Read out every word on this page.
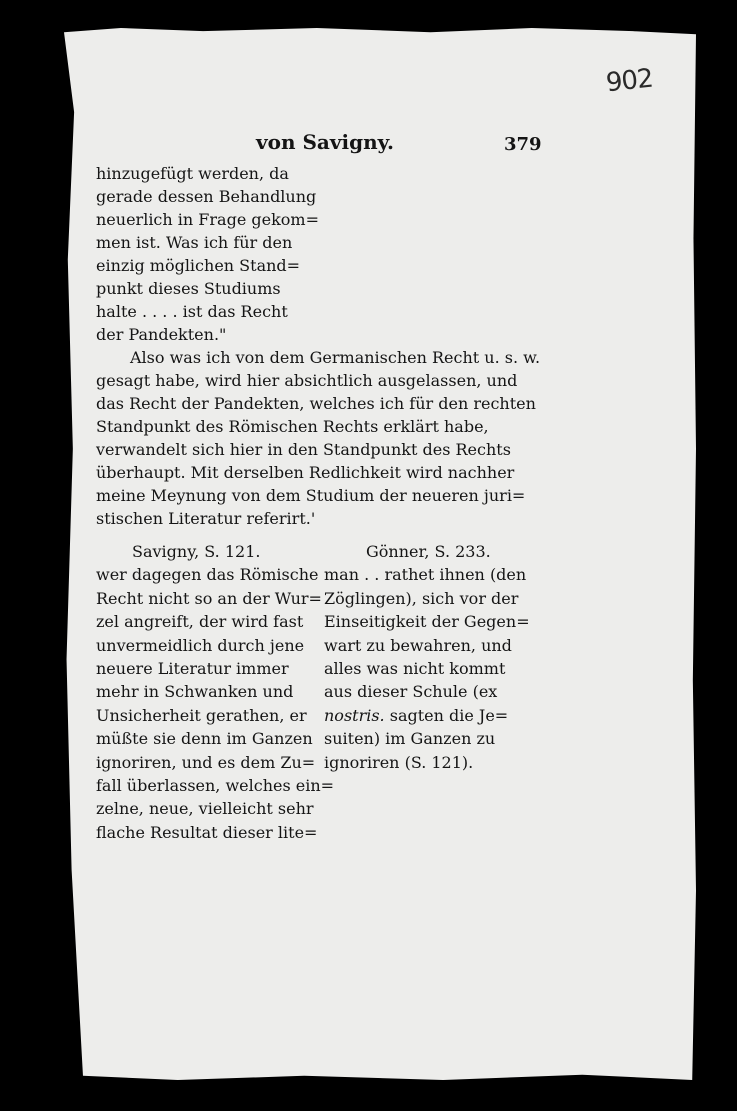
902
von Savigny.	379
hinzugefügt werden, da
gerade dessen Behandlung
neuerlich in Frage gekom=
men ist. Was ich für den
einzig möglichen Stand=
punkt dieses Studiums
halte . . . . ist das Recht
der Pandekten."
Also was ich von dem Germanischen Recht u. s. w.
gesagt habe, wird hier absichtlich ausgelassen, und
das Recht der Pandekten, welches ich für den rechten
Standpunkt des Römischen Rechts erklärt habe,
verwandelt sich hier in den Standpunkt des Rechts
überhaupt. Mit derselben Redlichkeit wird nachher
meine Meynung von dem Studium der neueren juri=
stischen Literatur referirt.'
Savigny, S. 121.
wer dagegen das Römische
Recht nicht so an der Wur=
zel angreift, der wird fast
unvermeidlich durch jene
neuere Literatur immer
mehr in Schwanken und
Unsicherheit gerathen, er
müßte sie denn im Ganzen
ignoriren, und es dem Zu=
fall überlassen, welches ein=
zelne, neue, vielleicht sehr
flache Resultat dieser lite=
Gönner, S. 233.
man . . rathet ihnen (den
Zöglingen), sich vor der
Einseitigkeit der Gegen=
wart zu bewahren, und
alles was nicht kommt
aus dieser Schule (ex
nostris. sagten die Je=
suiten) im Ganzen zu
ignoriren (S. 121).
